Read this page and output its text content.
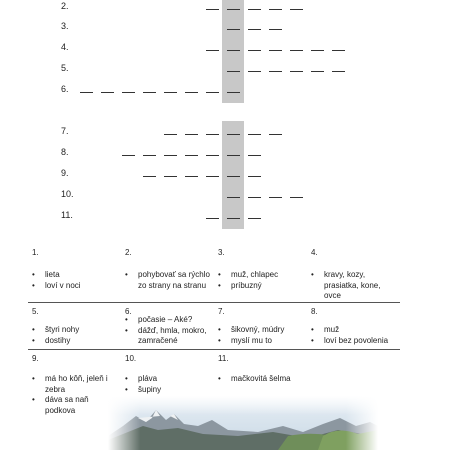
2.
3.
4.
5.
6.
7.
8.
9.
10.
11.
1.
• lieta
• loví v noci
2.
• pohybovať sa rýchlo zo strany na stranu
3.
• muž, chlapec
• príbuzný
4.
• kravy, kozy, prasiatka, kone, ovce
5.
• štyri nohy
• dostihy
6.
• počasie – Aké?
• dážď, hmla, mokro, zamračené
7.
• šikovný, múdry
• myslí mu to
8.
• muž
• loví bez povolenia
9.
• má ho kôň, jeleň i zebra
• dáva sa naň podkova
10.
• pláva
• šupiny
11.
• mačkovitá šelma
